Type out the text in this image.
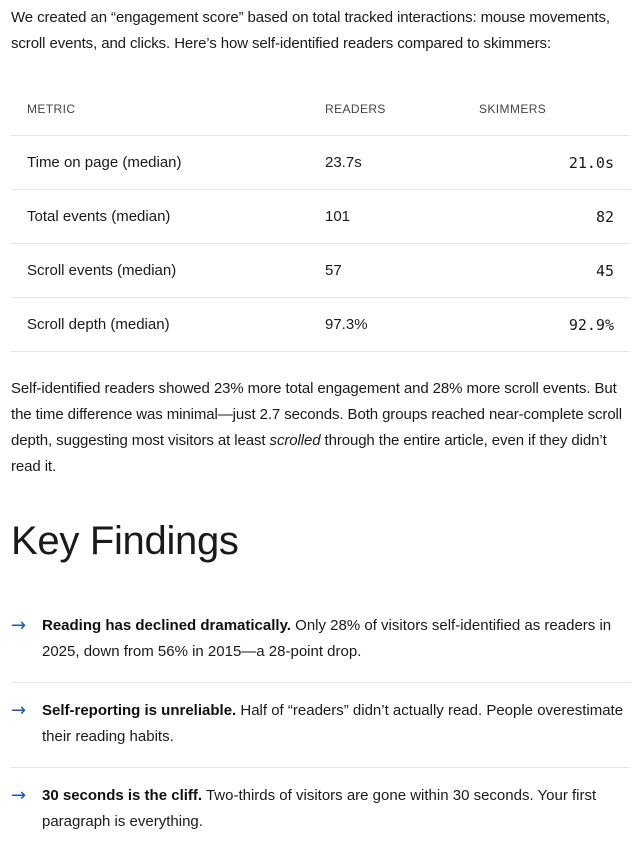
We created an “engagement score” based on total tracked interactions: mouse movements, scroll events, and clicks. Here’s how self-identified readers compared to skimmers:

METRIC	READERS	SKIMMERS
Time on page (median)	23.7s	21.0s
Total events (median)	101	82
Scroll events (median)	57	45
Scroll depth (median)	97.3%	92.9%

Self-identified readers showed 23% more total engagement and 28% more scroll events. But the time difference was minimal—just 2.7 seconds. Both groups reached near-complete scroll depth, suggesting most visitors at least scrolled through the entire article, even if they didn’t read it.

Key Findings
→	Reading has declined dramatically. Only 28% of visitors self-identified as readers in 2025, down from 56% in 2015—a 28-point drop.
→	Self-reporting is unreliable. Half of “readers” didn’t actually read. People overestimate their reading habits.
→	30 seconds is the cliff. Two-thirds of visitors are gone within 30 seconds. Your first paragraph is everything.
